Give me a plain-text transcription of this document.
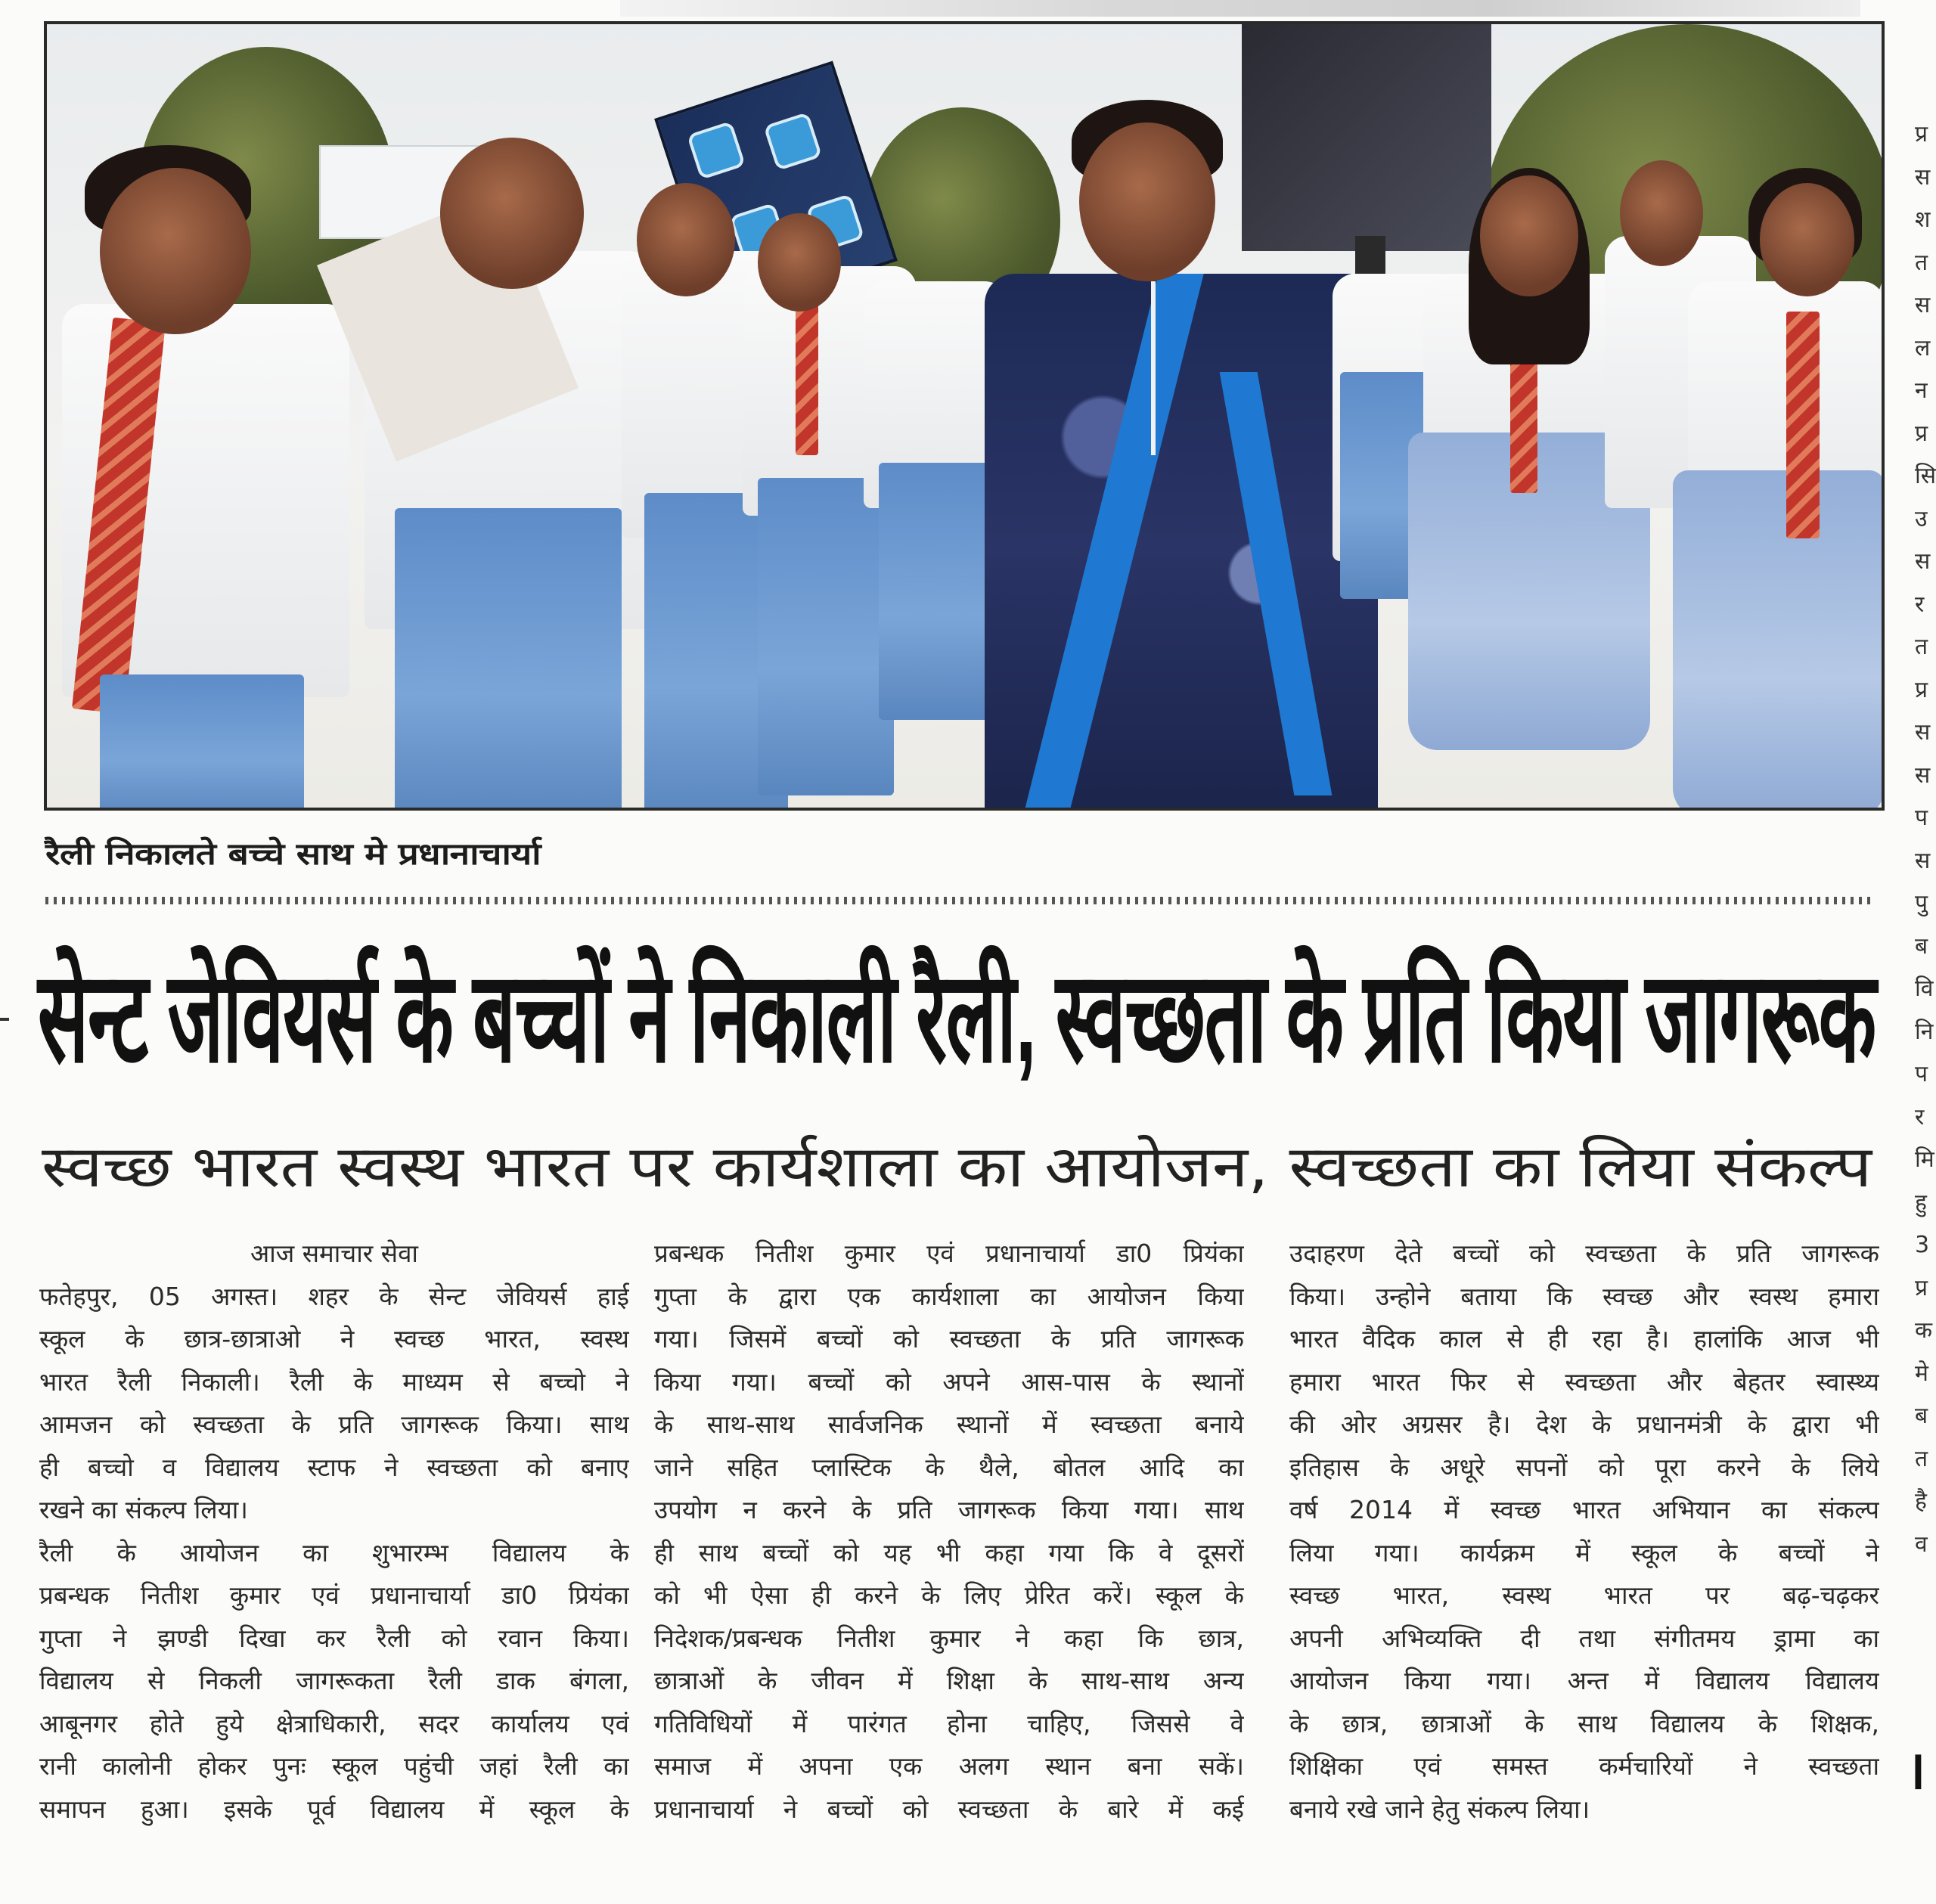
रैली निकालते बच्चे साथ मे प्रधानाचार्या
सेन्ट जेवियर्स के बच्चों ने निकाली रैली, स्वच्छता के प्रति किया जागरूक
स्वच्छ भारत स्वस्थ भारत पर कार्यशाला का आयोजन, स्वच्छता का लिया संकल्प
आज समाचार सेवा
फतेहपुर, 05 अगस्त। शहर के सेन्ट जेवियर्स हाई
स्कूल के छात्र-छात्राओ ने स्वच्छ भारत, स्वस्थ
भारत रैली निकाली। रैली के माध्यम से बच्चो ने
आमजन को स्वच्छता के प्रति जागरूक किया। साथ
ही बच्चो व विद्यालय स्टाफ ने स्वच्छता को बनाए
रखने का संकल्प लिया।
रैली के आयोजन का शुभारम्भ विद्यालय के
प्रबन्धक नितीश कुमार एवं प्रधानाचार्या डा0 प्रियंका
गुप्ता ने झण्डी दिखा कर रैली को रवान किया।
विद्यालय से निकली जागरूकता रैली डाक बंगला,
आबूनगर होते हुये क्षेत्राधिकारी, सदर कार्यालय एवं
रानी कालोनी होकर पुनः स्कूल पहुंची जहां रैली का
समापन हुआ। इसके पूर्व विद्यालय में स्कूल के
प्रबन्धक नितीश कुमार एवं प्रधानाचार्या डा0 प्रियंका
गुप्ता के द्वारा एक कार्यशाला का आयोजन किया
गया। जिसमें बच्चों को स्वच्छता के प्रति जागरूक
किया गया। बच्चों को अपने आस-पास के स्थानों
के साथ-साथ सार्वजनिक स्थानों में स्वच्छता बनाये
जाने सहित प्लास्टिक के थैले, बोतल आदि का
उपयोग न करने के प्रति जागरूक किया गया। साथ
ही साथ बच्चों को यह भी कहा गया कि वे दूसरों
को भी ऐसा ही करने के लिए प्रेरित करें। स्कूल के
निदेशक/प्रबन्धक नितीश कुमार ने कहा कि छात्र,
छात्राओं के जीवन में शिक्षा के साथ-साथ अन्य
गतिविधियों में पारंगत होना चाहिए, जिससे वे
समाज में अपना एक अलग स्थान बना सकें।
प्रधानाचार्या ने बच्चों को स्वच्छता के बारे में कई
उदाहरण देते बच्चों को स्वच्छता के प्रति जागरूक
किया। उन्होने बताया कि स्वच्छ और स्वस्थ हमारा
भारत वैदिक काल से ही रहा है। हालांकि आज भी
हमारा भारत फिर से स्वच्छता और बेहतर स्वास्थ्य
की ओर अग्रसर है। देश के प्रधानमंत्री के द्वारा भी
इतिहास के अधूरे सपनों को पूरा करने के लिये
वर्ष 2014 में स्वच्छ भारत अभियान का संकल्प
लिया गया। कार्यक्रम में स्कूल के बच्चों ने
स्वच्छ भारत, स्वस्थ भारत पर बढ़-चढ़कर
अपनी अभिव्यक्ति दी तथा संगीतमय ड्रामा का
आयोजन किया गया। अन्त में विद्यालय विद्यालय
के छात्र, छात्राओं के साथ विद्यालय के शिक्षक,
शिक्षिका एवं समस्त कर्मचारियों ने स्वच्छता
बनाये रखे जाने हेतु संकल्प लिया।
प्र
स
श
त
स
ल
न
प्र
सि
उ
स
र
त
प्र
स
स
प
स
पु
ब
वि
नि
प
र
मि
हु
3
प्र
क
मे
ब
त
है
व
।
